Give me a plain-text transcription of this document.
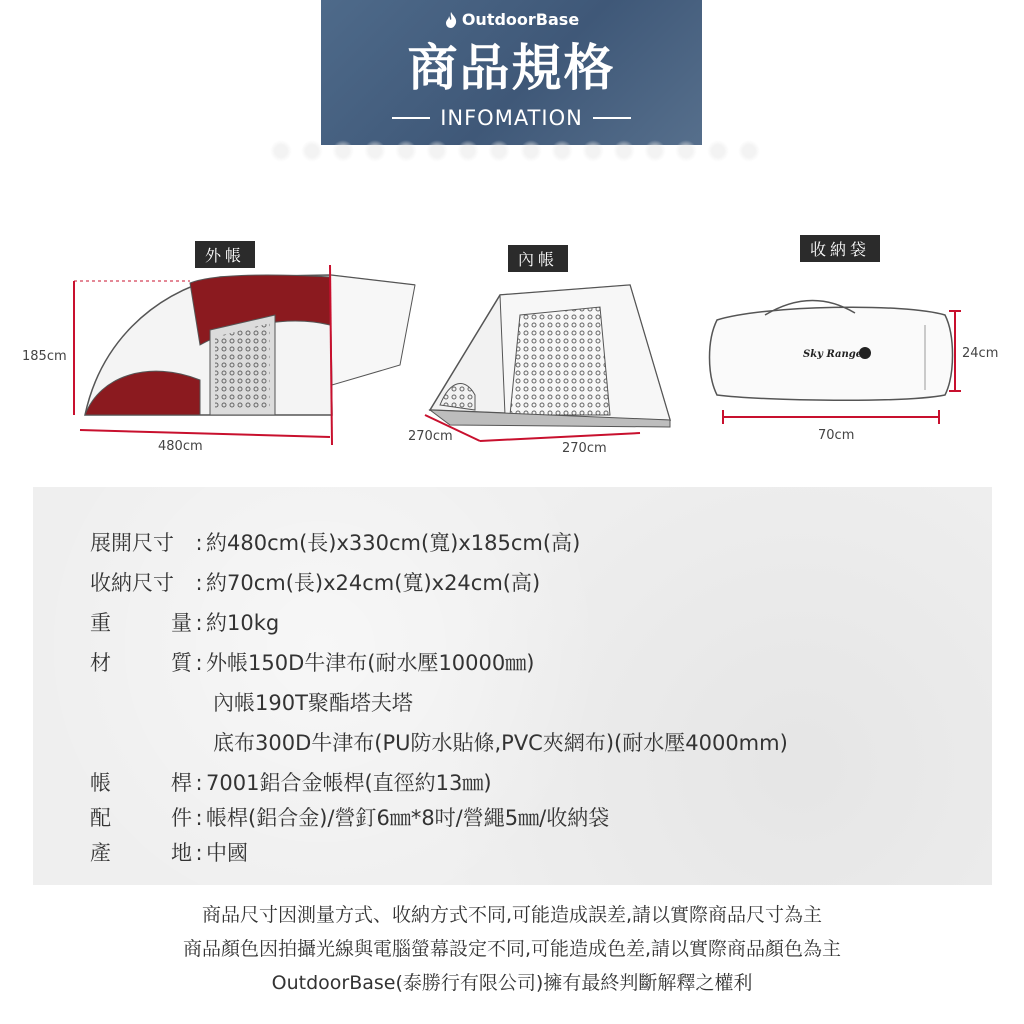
OutdoorBase
商品規格
INFOMATION
外帳
185cm
480cm
內帳
270cm
270cm
收納袋
Sky Ranger	24cm
70cm
展開尺寸	: 約480cm(長)x330cm(寬)x185cm(高)
收納尺寸	: 約70cm(長)x24cm(寬)x24cm(高)
重	量 : 約10kg
材	質 : 外帳150D牛津布(耐水壓10000㎜)
內帳190T聚酯塔夫塔
底布300D牛津布(PU防水貼條,PVC夾網布)(耐水壓4000mm)
帳	桿 : 7001鋁合金帳桿(直徑約13㎜)
配	件 : 帳桿(鋁合金)/營釘6㎜*8吋/營繩5㎜/收納袋
產	地 : 中國
商品尺寸因測量方式、收納方式不同,可能造成誤差,請以實際商品尺寸為主
商品顏色因拍攝光線與電腦螢幕設定不同,可能造成色差,請以實際商品顏色為主
OutdoorBase(泰勝行有限公司)擁有最終判斷解釋之權利
